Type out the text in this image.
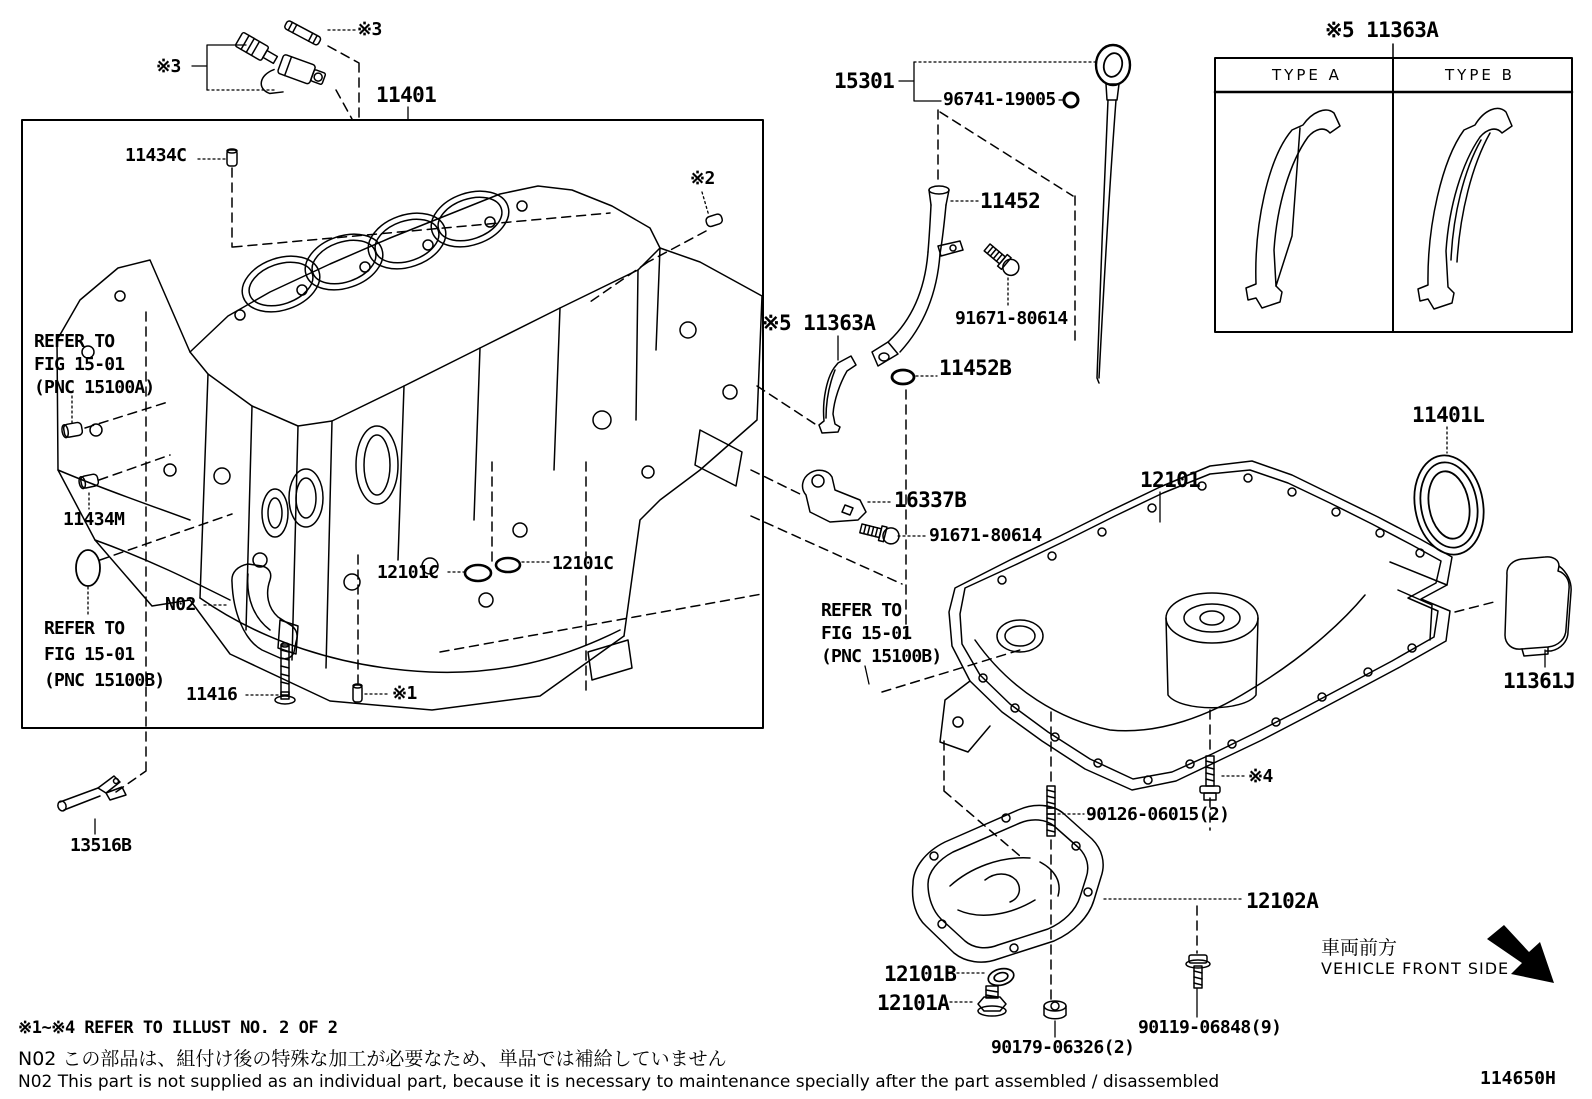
※3
※3
11401
11434C
REFER TO
FIG 15-01
(PNC 15100A)
11434M
N02
REFER TO
FIG 15-01
(PNC 15100B)
11416	※1
13516B
12101C	12101C
※2
15301
96741-19005
11452
91671-80614
※5 11363A
11452B
16337B
91671-80614
REFER TO
FIG 15-01
(PNC 15100B)
12101
11401L
11361J
※5 11363A
TYPE A	TYPE B
90126-06015(2)
※4
12102A
12101B
12101A
90179-06326(2)
90119-06848(9)
車両前方
VEHICLE FRONT SIDE
※1~※4 REFER TO ILLUST NO. 2 OF 2
N02 この部品は、組付け後の特殊な加工が必要なため、単品では補給していません
N02 This part is not supplied as an individual part, because it is necessary to maintenance specially after the part assembled / disassembled	114650H
